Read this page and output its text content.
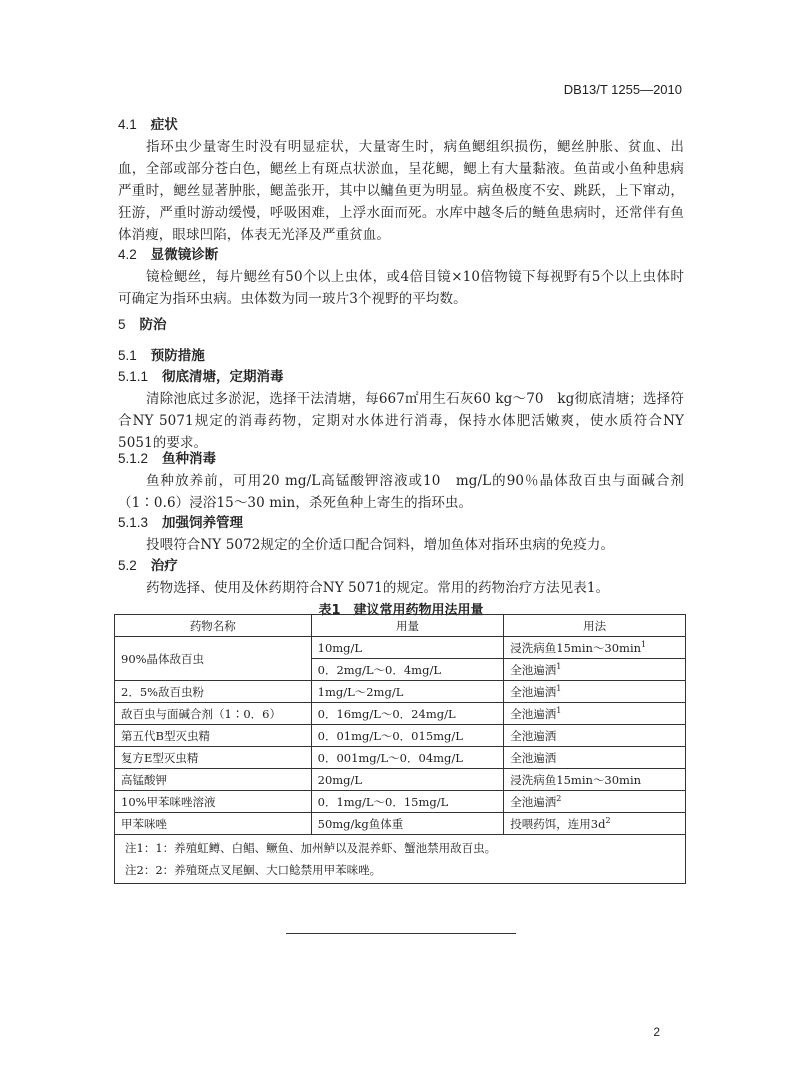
DB13/T 1255—2010
4.1 症状
指环虫少量寄生时没有明显症状，大量寄生时，病鱼鳃组织损伤，鳃丝肿胀、贫血、出血，全部或部分苍白色，鳃丝上有斑点状淤血，呈花鳃，鳃上有大量黏液。鱼苗或小鱼种患病严重时，鳃丝显著肿胀，鳃盖张开，其中以鳙鱼更为明显。病鱼极度不安、跳跃，上下窜动，狂游，严重时游动缓慢，呼吸困难，上浮水面而死。水库中越冬后的鲢鱼患病时，还常伴有鱼体消瘦，眼球凹陷，体表无光泽及严重贫血。
4.2 显微镜诊断
镜检鳃丝，每片鳃丝有50个以上虫体，或4倍目镜×10倍物镜下每视野有5个以上虫体时可确定为指环虫病。虫体数为同一玻片3个视野的平均数。
5 防治
5.1 预防措施
5.1.1 彻底清塘，定期消毒
清除池底过多淤泥，选择干法清塘，每667㎡用生石灰60 kg～70　kg彻底清塘；选择符合NY 5071规定的消毒药物，定期对水体进行消毒，保持水体肥活嫩爽，使水质符合NY 5051的要求。
5.1.2 鱼种消毒
鱼种放养前，可用20 mg/L高锰酸钾溶液或10　mg/L的90％晶体敌百虫与面碱合剂（1∶0.6）浸浴15～30 min，杀死鱼种上寄生的指环虫。
5.1.3 加强饲养管理
投喂符合NY 5072规定的全价适口配合饲料，增加鱼体对指环虫病的免疫力。
5.2 治疗
药物选择、使用及休药期符合NY 5071的规定。常用的药物治疗方法见表1。
表1　建议常用药物用法用量
药物名称	用量	用法
90%晶体敌百虫	10mg/L	浸洗病鱼$15\min\sim 30\min^1$
	0．2mg/L～0．4mg/L	全池遍洒$^1$
2．5%敌百虫粉	1mg/L～2mg/L	全池遍洒$^1$
敌百虫与面碱合剂（1∶0．6）	0．16mg/L～0．24mg/L	全池遍洒$^1$
第五代B型灭虫精	0．01mg/L～0．015mg/L	全池遍洒
复方E型灭虫精	0．001mg/L～0．04mg/L	全池遍洒
高锰酸钾	20mg/L	浸洗病鱼15min～30min
10%甲苯咪唑溶液	0．1mg/L～0．15mg/L	全池遍洒$^2$
甲苯咪唑	50mg/kg鱼体重	投喂药饵，连用$3d^2$

注1：1：养殖虹鳟、白鲳、鳜鱼、加州鲈以及混养虾、蟹池禁用敌百虫。
注2：2：养殖斑点叉尾鮰、大口鲶禁用甲苯咪唑。		
2
